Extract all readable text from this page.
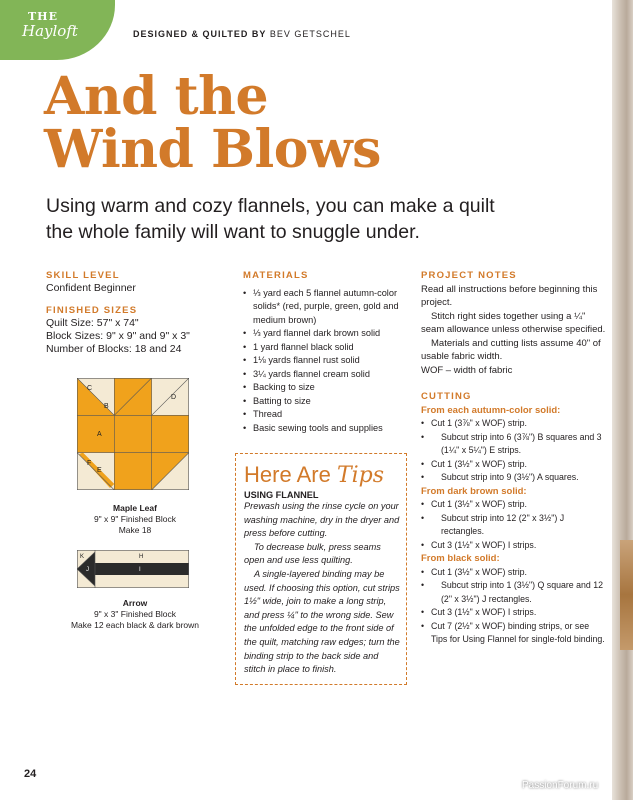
THE
Hayloft	DESIGNED & QUILTED BY BEV GETSCHEL
And the
Wind Blows
Using warm and cozy flannels, you can make a quilt the whole family will want to snuggle under.
SKILL LEVEL
Confident Beginner
FINISHED SIZES
Quilt Size: 57" x 74"
Block Sizes: 9" x 9" and 9" x 3"
Number of Blocks: 18 and 24
C
B
D
A
F
E
Maple Leaf
9" x 9" Finished Block
Make 18
K	H
J	I
Arrow
9" x 3" Finished Block
Make 12 each black & dark brown
MATERIALS
• ⅓ yard each 5 flannel autumn-color solids* (red, purple, green, gold and medium brown)
• ⅓ yard flannel dark brown solid
• 1 yard flannel black solid
• 1⅛ yards flannel rust solid
• 3¼ yards flannel cream solid
• Backing to size
• Batting to size
• Thread
• Basic sewing tools and supplies
Here Are Tips
USING FLANNEL

Prewash using the rinse cycle on your washing machine, dry in the dryer and press before cutting.

To decrease bulk, press seams open and use less quilting.

A single-layered binding may be used. If choosing this option, cut strips 1½" wide, join to make a long strip, and press ¼" to the wrong side. Sew the unfolded edge to the front side of the quilt, matching raw edges; turn the binding strip to the back side and stitch in place to finish.

PROJECT NOTES

Read all instructions before beginning this project.

Stitch right sides together using a ¼" seam allowance unless otherwise specified.

Materials and cutting lists assume 40" of usable fabric width.

WOF – width of fabric

CUTTING
From each autumn-color solid:
• Cut 1 (3⅞" x WOF) strip.
• Subcut strip into 6 (3⅞") B squares and 3 (1¼" x 5¼") E strips.
• Cut 1 (3½" x WOF) strip.
• Subcut strip into 9 (3½") A squares.
From dark brown solid:
• Cut 1 (3½" x WOF) strip.
• Subcut strip into 12 (2" x 3½") J rectangles.
• Cut 3 (1½" x WOF) I strips.
From black solid:
• Cut 1 (3½" x WOF) strip.
• Subcut strip into 1 (3½") Q square and 12 (2" x 3½") J rectangles.
• Cut 3 (1½" x WOF) I strips.
• Cut 7 (2½" x WOF) binding strips, or see Tips for Using Flannel for single-fold binding.
24
PassionForum.ru
